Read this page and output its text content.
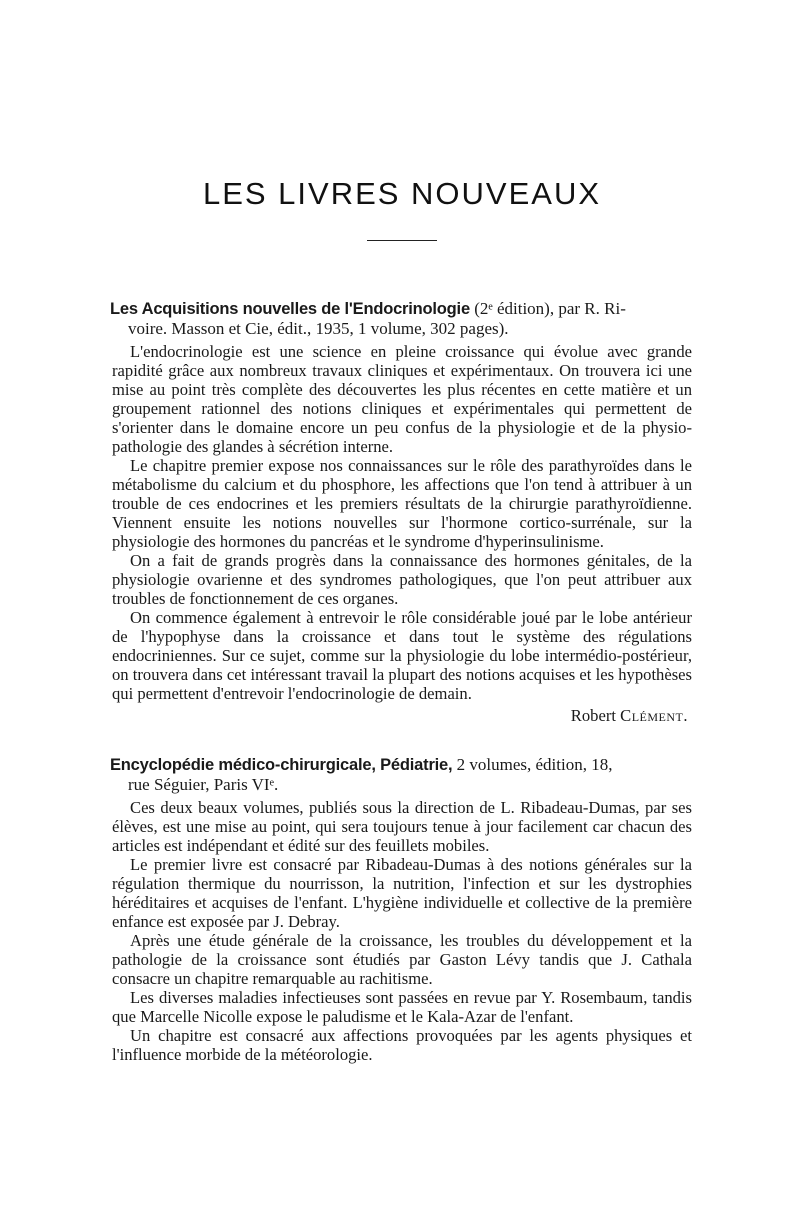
LES LIVRES NOUVEAUX

Les Acquisitions nouvelles de l'Endocrinologie (2ᵉ édition), par R. Ri-
voire. Masson et Cie, édit., 1935, 1 volume, 302 pages).

L'endocrinologie est une science en pleine croissance qui évolue avec grande rapidité grâce aux nombreux travaux cliniques et expérimentaux. On trouvera ici une mise au point très complète des découvertes les plus récentes en cette matière et un groupement rationnel des notions cliniques et expérimentales qui permettent de s'orienter dans le domaine encore un peu confus de la physiologie et de la physio-pathologie des glandes à sécrétion interne.

Le chapitre premier expose nos connaissances sur le rôle des parathyroïdes dans le métabolisme du calcium et du phosphore, les affections que l'on tend à attribuer à un trouble de ces endocrines et les premiers résultats de la chirurgie parathyroïdienne. Viennent ensuite les notions nouvelles sur l'hormone cortico-surrénale, sur la physiologie des hormones du pancréas et le syndrome d'hyperinsulinisme.

On a fait de grands progrès dans la connaissance des hormones génitales, de la physiologie ovarienne et des syndromes pathologiques, que l'on peut attribuer aux troubles de fonctionnement de ces organes.

On commence également à entrevoir le rôle considérable joué par le lobe antérieur de l'hypophyse dans la croissance et dans tout le système des régulations endocriniennes. Sur ce sujet, comme sur la physiologie du lobe intermédio-postérieur, on trouvera dans cet intéressant travail la plupart des notions acquises et les hypothèses qui permettent d'entrevoir l'endocrinologie de demain.

Robert Clément.

Encyclopédie médico-chirurgicale, Pédiatrie, 2 volumes, édition, 18,
rue Séguier, Paris VIᵉ.

Ces deux beaux volumes, publiés sous la direction de L. Ribadeau-Dumas, par ses élèves, est une mise au point, qui sera toujours tenue à jour facilement car chacun des articles est indépendant et édité sur des feuillets mobiles.

Le premier livre est consacré par Ribadeau-Dumas à des notions générales sur la régulation thermique du nourrisson, la nutrition, l'infection et sur les dystrophies héréditaires et acquises de l'enfant. L'hygiène individuelle et collective de la première enfance est exposée par J. Debray.

Après une étude générale de la croissance, les troubles du développement et la pathologie de la croissance sont étudiés par Gaston Lévy tandis que J. Cathala consacre un chapitre remarquable au rachitisme.

Les diverses maladies infectieuses sont passées en revue par Y. Rosembaum, tandis que Marcelle Nicolle expose le paludisme et le Kala-Azar de l'enfant.

Un chapitre est consacré aux affections provoquées par les agents physiques et l'influence morbide de la météorologie.
